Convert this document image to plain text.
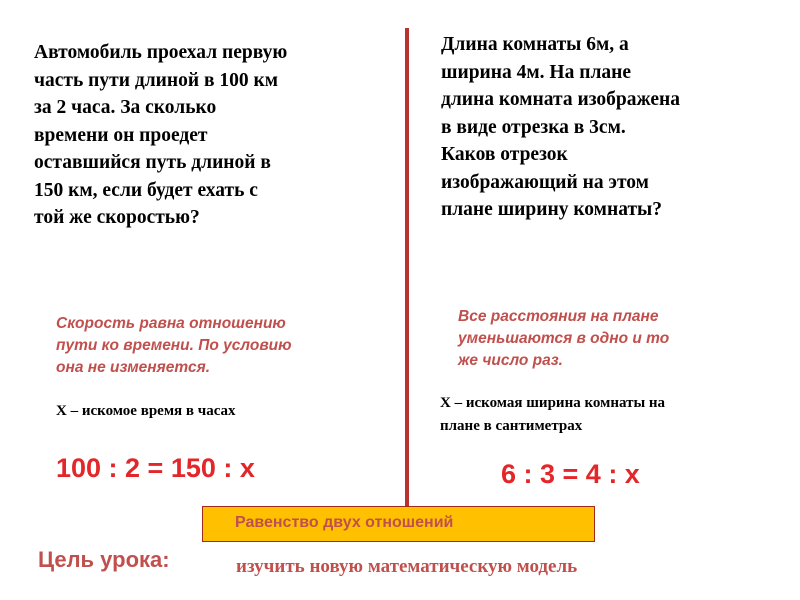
Автомобиль проехал первую
часть пути длиной в 100 км
за 2 часа. За сколько
времени он проедет
оставшийся путь длиной в
150 км, если будет ехать с
той же скоростью?
Скорость равна отношению
пути ко времени. По условию
она не изменяется.
Х – искомое время в часах
100 : 2 = 150 : х
Длина комнаты 6м, а
ширина 4м. На плане
длина комната изображена
в виде отрезка в 3см.
Каков отрезок
изображающий на этом
плане ширину комнаты?
Все расстояния на плане
уменьшаются в одно и то
же число раз.
Х – искомая ширина комнаты на
плане в сантиметрах
6 : 3 = 4 : х
Равенство двух отношений
Цель урока:	изучить новую математическую модель
